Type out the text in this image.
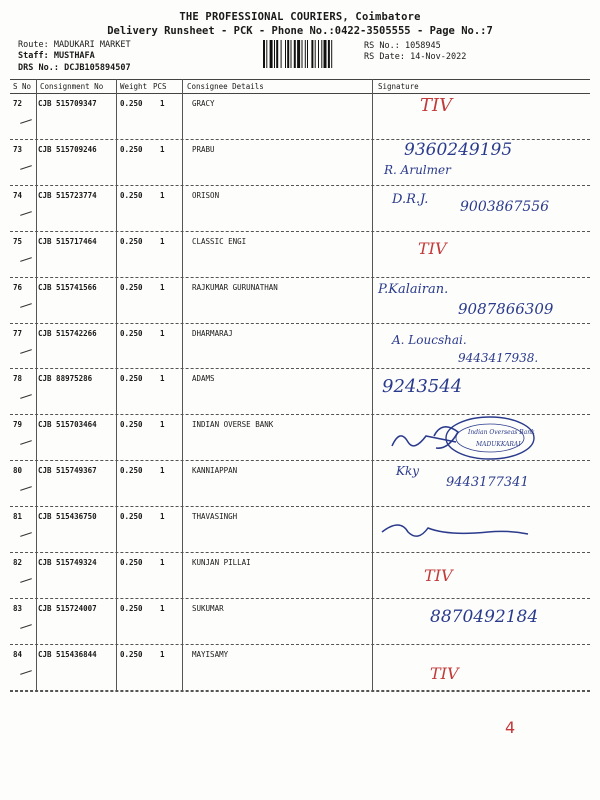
THE PROFESSIONAL COURIERS, Coimbatore
Delivery Runsheet - PCK - Phone No.:0422-3505555 - Page No.:7
Route: MADUKARI MARKET
Staff: MUSTHAFA
DRS No.: DCJB105894507
RS No.: 1058945
RS Date: 14-Nov-2022
S No Consignment No Weight PCS	Consignee Details	Signature
72 CJB 515709347	0.250 1	GRACY	TIV
73 CJB 515709246	0.250 1	PRABU	9360249195
R. Arulmer
74 CJB 515723774	0.250 1	ORISON	D.R.J. 9003867556
75 CJB 515717464	0.250 1	CLASSIC ENGI	TIV
76 CJB 515741566	0.250 1	RAJKUMAR GURUNATHAN	P.Kalairan.
9087866309
77 CJB 515742266	0.250 1	DHARMARAJ	A. Loucshai.
9443417938.
78 CJB 88975286	0.250 1	ADAMS	9243544
79 CJB 515703464	0.250 1	INDIAN OVERSE BANK
80 CJB 515749367	0.250 1	KANNIAPPAN	Kky
9443177341
81 CJB 515436750	0.250 1	THAVASINGH
82 CJB 515749324	0.250 1	KUNJAN PILLAI
TIV
83 CJB 515724007	0.250 1	SUKUMAR	8870492184
84 CJB 515436844	0.250 1	MAYISAMY
TIV
Indian Overseas Bank
MADUKKARAI
4
